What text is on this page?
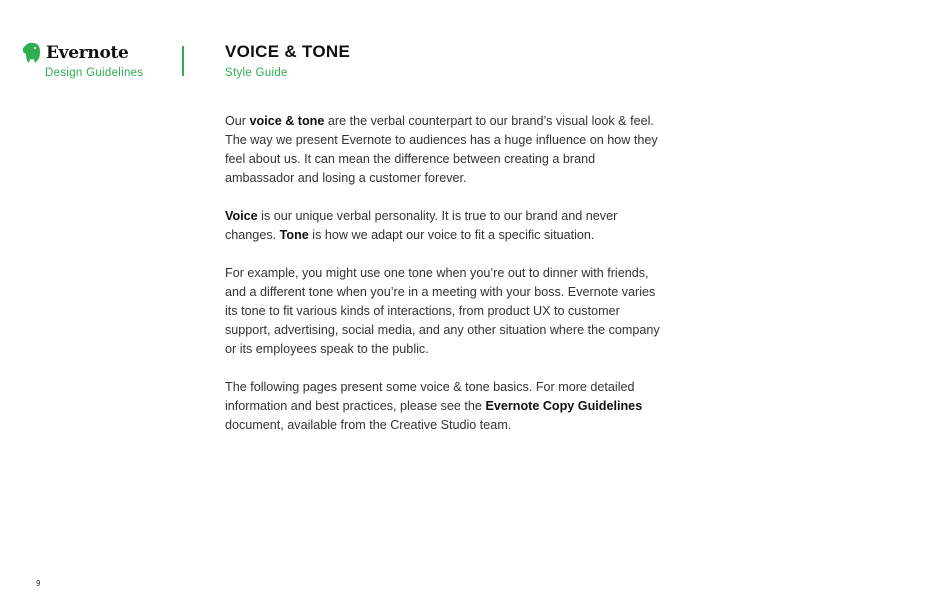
Evernote
Design Guidelines
VOICE & TONE
Style Guide

Our voice & tone are the verbal counterpart to our brand’s visual look & feel. The way we present Evernote to audiences has a huge influence on how they feel about us. It can mean the difference between creating a brand ambassador and losing a customer forever.

Voice is our unique verbal personality. It is true to our brand and never changes. Tone is how we adapt our voice to fit a specific situation.

For example, you might use one tone when you’re out to dinner with friends, and a different tone when you’re in a meeting with your boss. Evernote varies its tone to fit various kinds of interactions, from product UX to customer support, advertising, social media, and any other situation where the company or its employees speak to the public.

The following pages present some voice & tone basics. For more detailed information and best practices, please see the Evernote Copy Guidelines document, available from the Creative Studio team.

9
